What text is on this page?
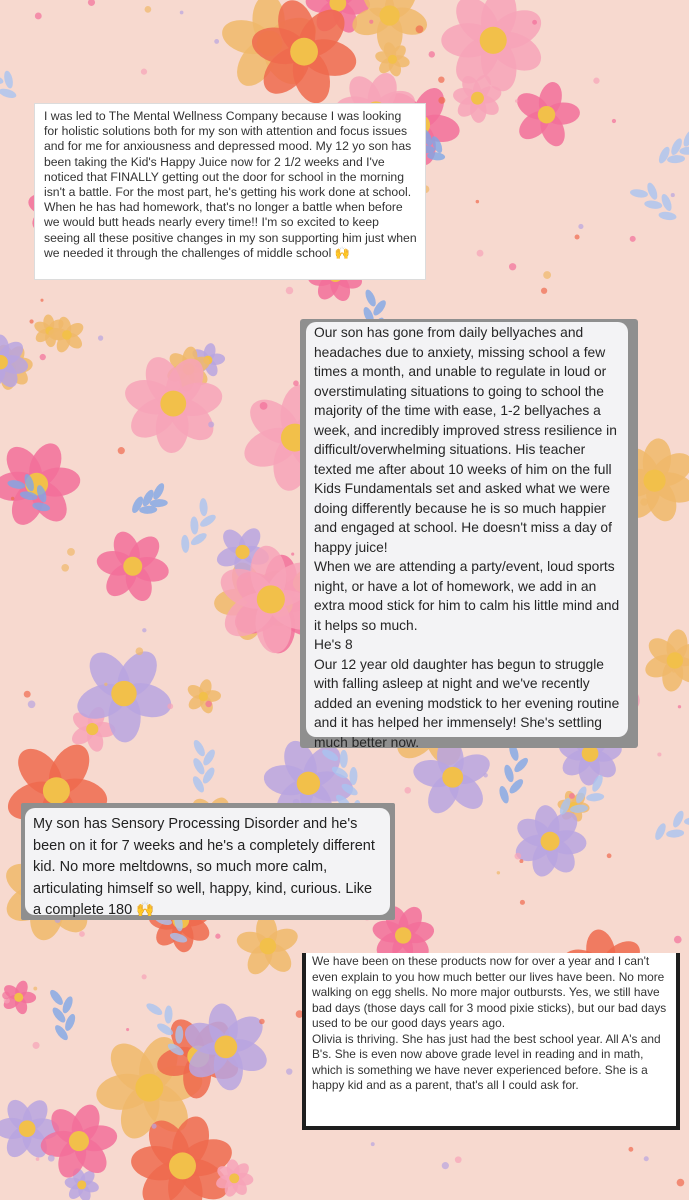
I was led to The Mental Wellness Company because I was looking for holistic solutions both for my son with attention and focus issues and for me for anxiousness and depressed mood. My 12 yo son has been taking the Kid's Happy Juice now for 2 1/2 weeks and I've noticed that FINALLY getting out the door for school in the morning isn't a battle. For the most part, he's getting his work done at school. When he has had homework, that's no longer a battle when before we would butt heads nearly every time!! I'm so excited to keep seeing all these positive changes in my son supporting him just when we needed it through the challenges of middle school 🙌

Our son has gone from daily bellyaches and headaches due to anxiety, missing school a few times a month, and unable to regulate in loud or overstimulating situations to going to school the majority of the time with ease, 1-2 bellyaches a week, and incredibly improved stress resilience in difficult/overwhelming situations. His teacher texted me after about 10 weeks of him on the full Kids Fundamentals set and asked what we were doing differently because he is so much happier and engaged at school. He doesn't miss a day of happy juice!
When we are attending a party/event, loud sports night, or have a lot of homework, we add in an extra mood stick for him to calm his little mind and it helps so much.
He's 8
Our 12 year old daughter has begun to struggle with falling asleep at night and we've recently added an evening modstick to her evening routine and it has helped her immensely! She's settling much better now.

My son has Sensory Processing Disorder and he's been on it for 7 weeks and he's a completely different kid. No more meltdowns, so much more calm, articulating himself so well, happy, kind, curious. Like a complete 180 🙌

We have been on these products now for over a year and I can't even explain to you how much better our lives have been. No more walking on egg shells. No more major outbursts. Yes, we still have bad days (those days call for 3 mood pixie sticks), but our bad days used to be our good days years ago.
Olivia is thriving. She has just had the best school year. All A's and B's. She is even now above grade level in reading and in math, which is something we have never experienced before. She is a happy kid and as a parent, that's all I could ask for.
